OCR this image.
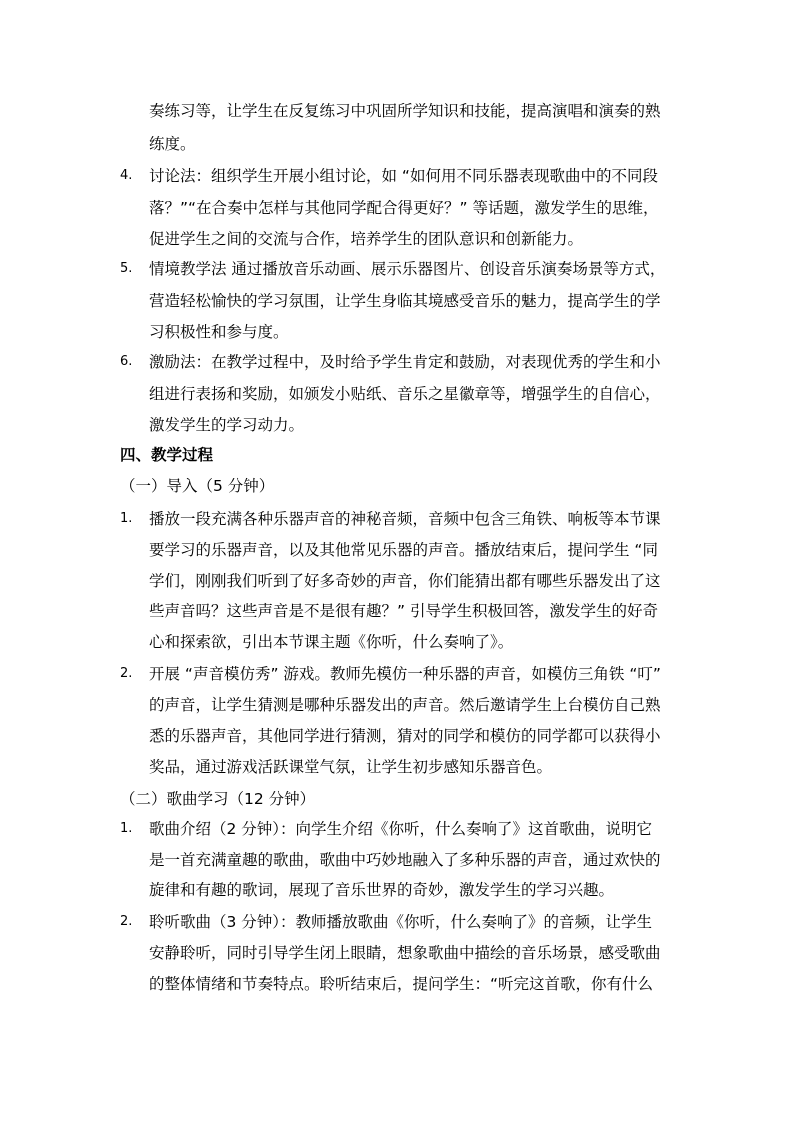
奏练习等，让学生在反复练习中巩固所学知识和技能，提高演唱和演奏的熟
练度。
4. 讨论法：组织学生开展小组讨论，如 “如何用不同乐器表现歌曲中的不同段
落？”“在合奏中怎样与其他同学配合得更好？” 等话题，激发学生的思维，
促进学生之间的交流与合作，培养学生的团队意识和创新能力。
5. 情境教学法 通过播放音乐动画、展示乐器图片、创设音乐演奏场景等方式，
营造轻松愉快的学习氛围，让学生身临其境感受音乐的魅力，提高学生的学
习积极性和参与度。
6. 激励法：在教学过程中，及时给予学生肯定和鼓励，对表现优秀的学生和小
组进行表扬和奖励，如颁发小贴纸、音乐之星徽章等，增强学生的自信心，
激发学生的学习动力。
四、教学过程
（一）导入（5 分钟）
1. 播放一段充满各种乐器声音的神秘音频，音频中包含三角铁、响板等本节课
要学习的乐器声音，以及其他常见乐器的声音。播放结束后，提问学生 “同
学们，刚刚我们听到了好多奇妙的声音，你们能猜出都有哪些乐器发出了这
些声音吗？这些声音是不是很有趣？” 引导学生积极回答，激发学生的好奇
心和探索欲，引出本节课主题《你听，什么奏响了》。
2. 开展 “声音模仿秀” 游戏。教师先模仿一种乐器的声音，如模仿三角铁 “叮”
的声音，让学生猜测是哪种乐器发出的声音。然后邀请学生上台模仿自己熟
悉的乐器声音，其他同学进行猜测，猜对的同学和模仿的同学都可以获得小
奖品，通过游戏活跃课堂气氛，让学生初步感知乐器音色。
（二）歌曲学习（12 分钟）
1. 歌曲介绍（2 分钟）：向学生介绍《你听，什么奏响了》这首歌曲，说明它
是一首充满童趣的歌曲，歌曲中巧妙地融入了多种乐器的声音，通过欢快的
旋律和有趣的歌词，展现了音乐世界的奇妙，激发学生的学习兴趣。
2. 聆听歌曲（3 分钟）：教师播放歌曲《你听，什么奏响了》的音频，让学生
安静聆听，同时引导学生闭上眼睛，想象歌曲中描绘的音乐场景，感受歌曲
的整体情绪和节奏特点。聆听结束后，提问学生：“听完这首歌，你有什么
